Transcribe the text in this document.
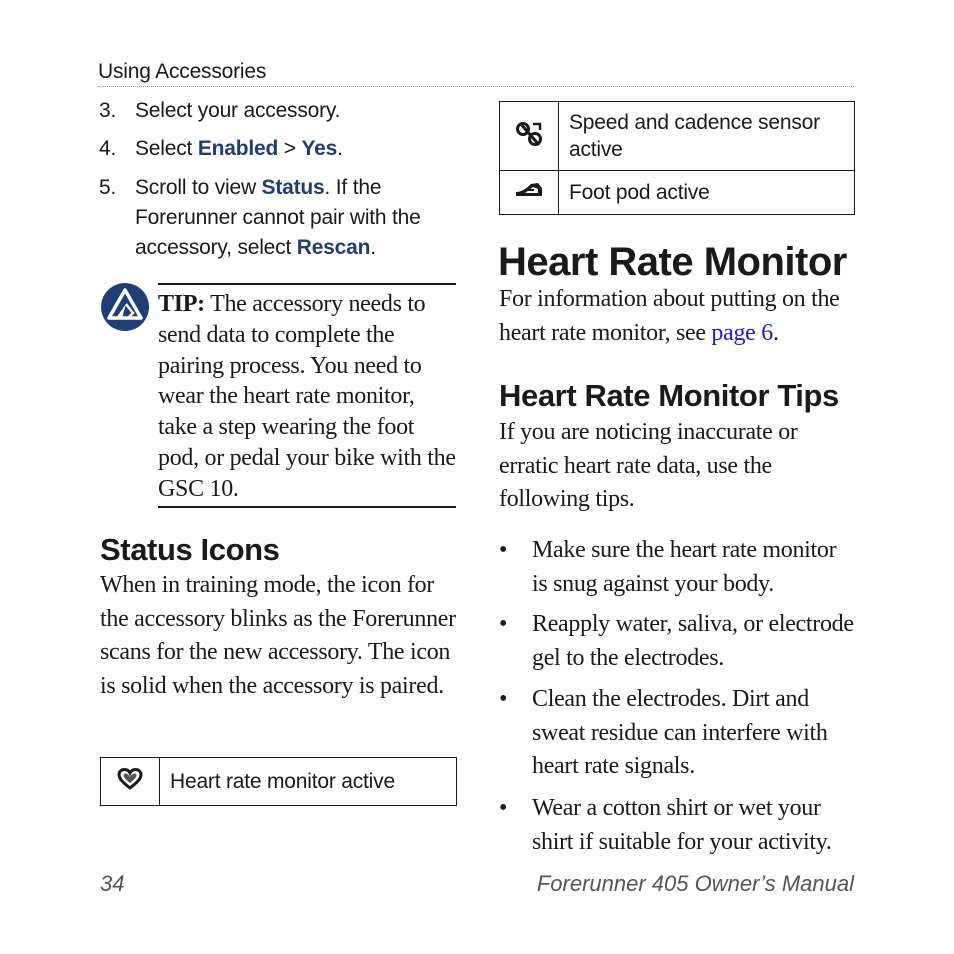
Using Accessories
3. Select your accessory.
4. Select Enabled > Yes.
5. Scroll to view Status. If the Forerunner cannot pair with the accessory, select Rescan.
TIP: The accessory needs to send data to complete the pairing process. You need to wear the heart rate monitor, take a step wearing the foot pod, or pedal your bike with the GSC 10.
Status Icons
When in training mode, the icon for the accessory blinks as the Forerunner scans for the new accessory. The icon is solid when the accessory is paired.
	Heart rate monitor active
	Speed and cadence sensor active
	Foot pod active
Heart Rate Monitor
For information about putting on the heart rate monitor, see page 6.
Heart Rate Monitor Tips
If you are noticing inaccurate or erratic heart rate data, use the following tips.
• Make sure the heart rate monitor is snug against your body.
• Reapply water, saliva, or electrode gel to the electrodes.
• Clean the electrodes. Dirt and sweat residue can interfere with heart rate signals.
• Wear a cotton shirt or wet your shirt if suitable for your activity.
34	Forerunner 405 Owner’s Manual
